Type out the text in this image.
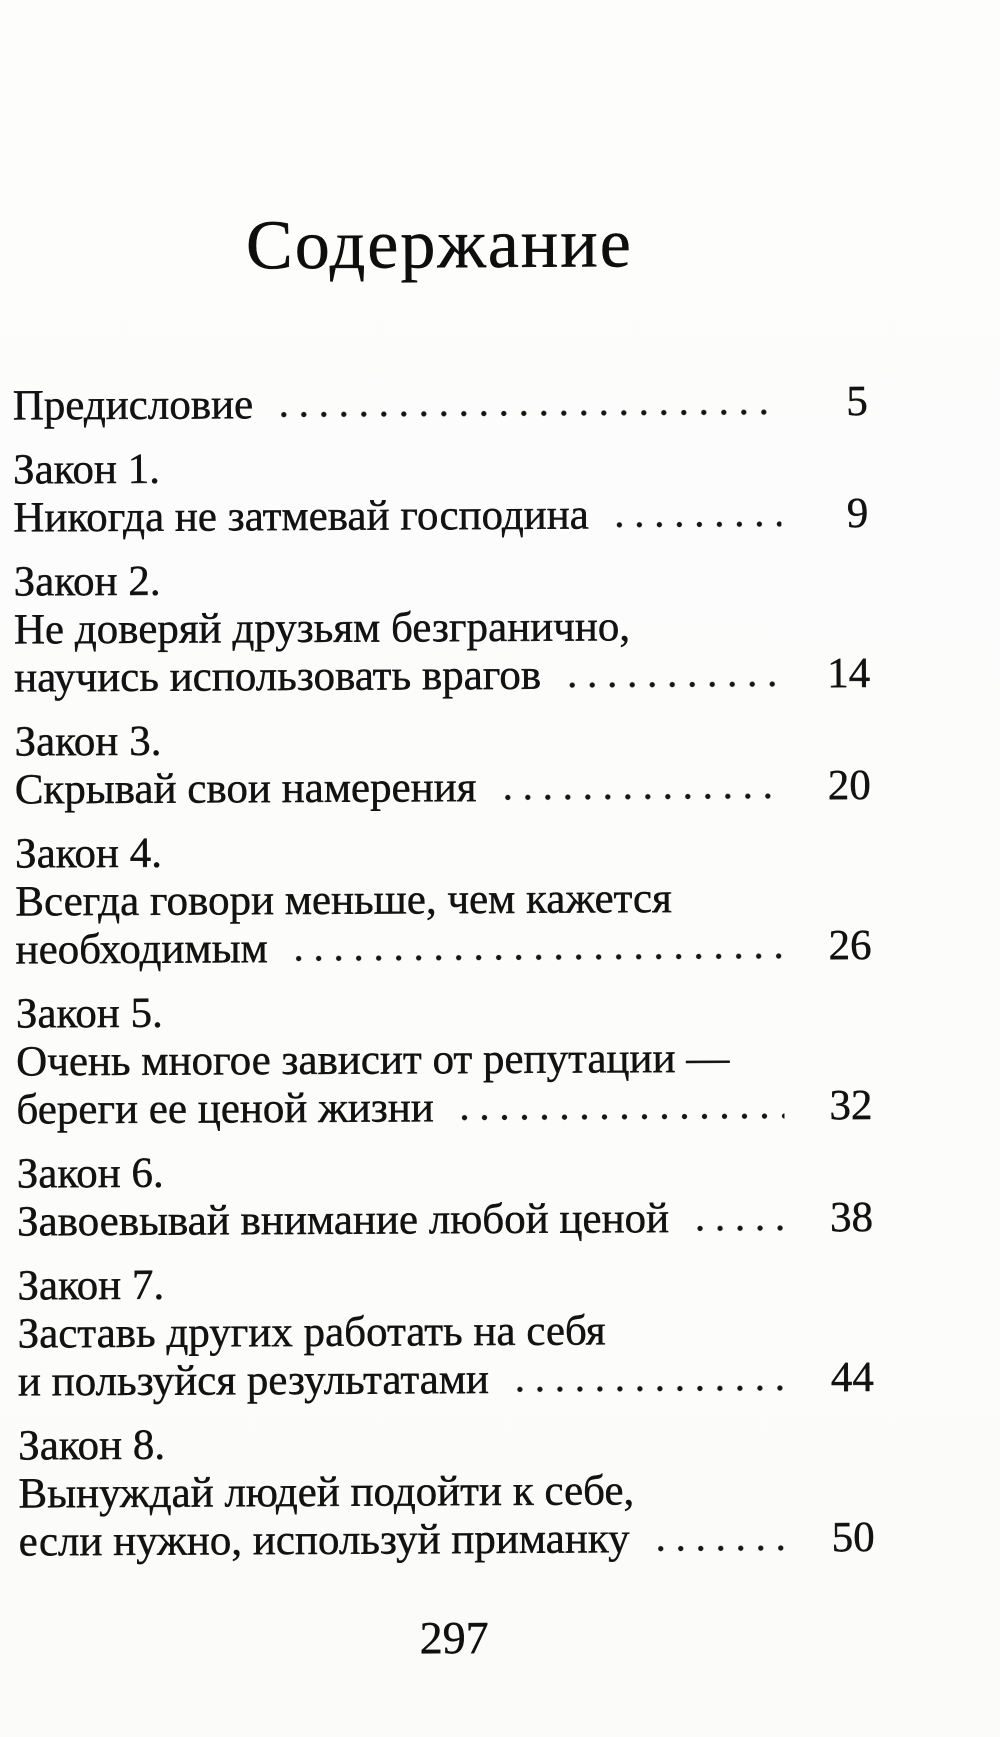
Содержание
Предисловие	5
Закон 1.
Никогда не затмевай господина	9
Закон 2.
Не доверяй друзьям безгранично,
научись использовать врагов	14
Закон 3.
Скрывай свои намерения	20
Закон 4.
Всегда говори меньше, чем кажется
необходимым	26
Закон 5.
Очень многое зависит от репутации —
береги ее ценой жизни	32
Закон 6.
Завоевывай внимание любой ценой	38
Закон 7.
Заставь других работать на себя
и пользуйся результатами	44
Закон 8.
Вынуждай людей подойти к себе,
если нужно, используй приманку	50
297
